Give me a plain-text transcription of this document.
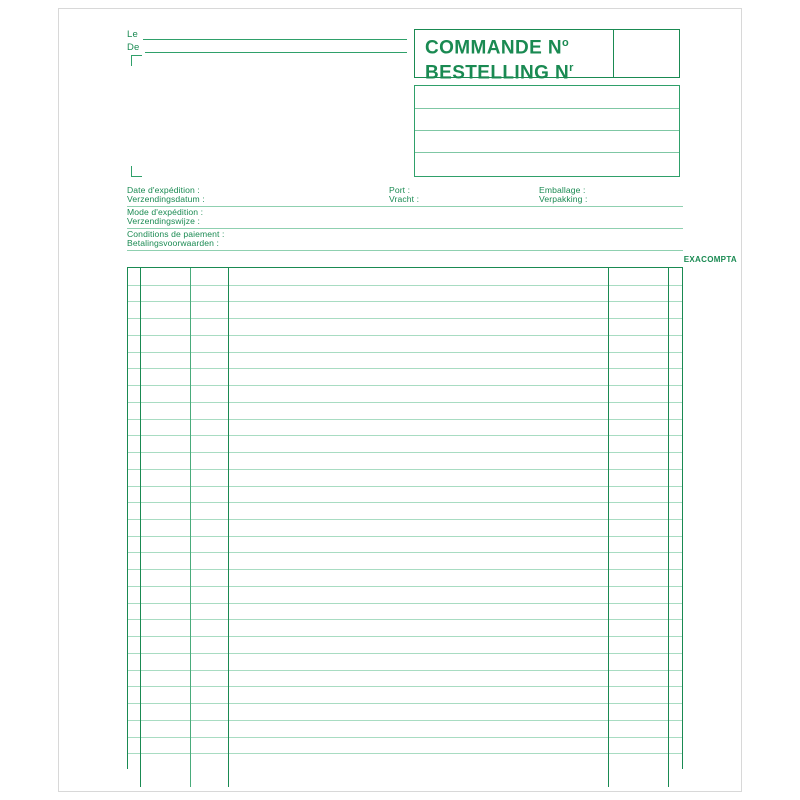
Le
De	COMMANDE $N^o$
BESTELLING $N^r$
Date d'expédition :
Verzendingsdatum :
Port :
Vracht :
Emballage :
Verpakking :
Mode d'expédition :
Verzendingswijze :
Conditions de paiement :
Betalingsvoorwaarden :
EXACOMPTA
